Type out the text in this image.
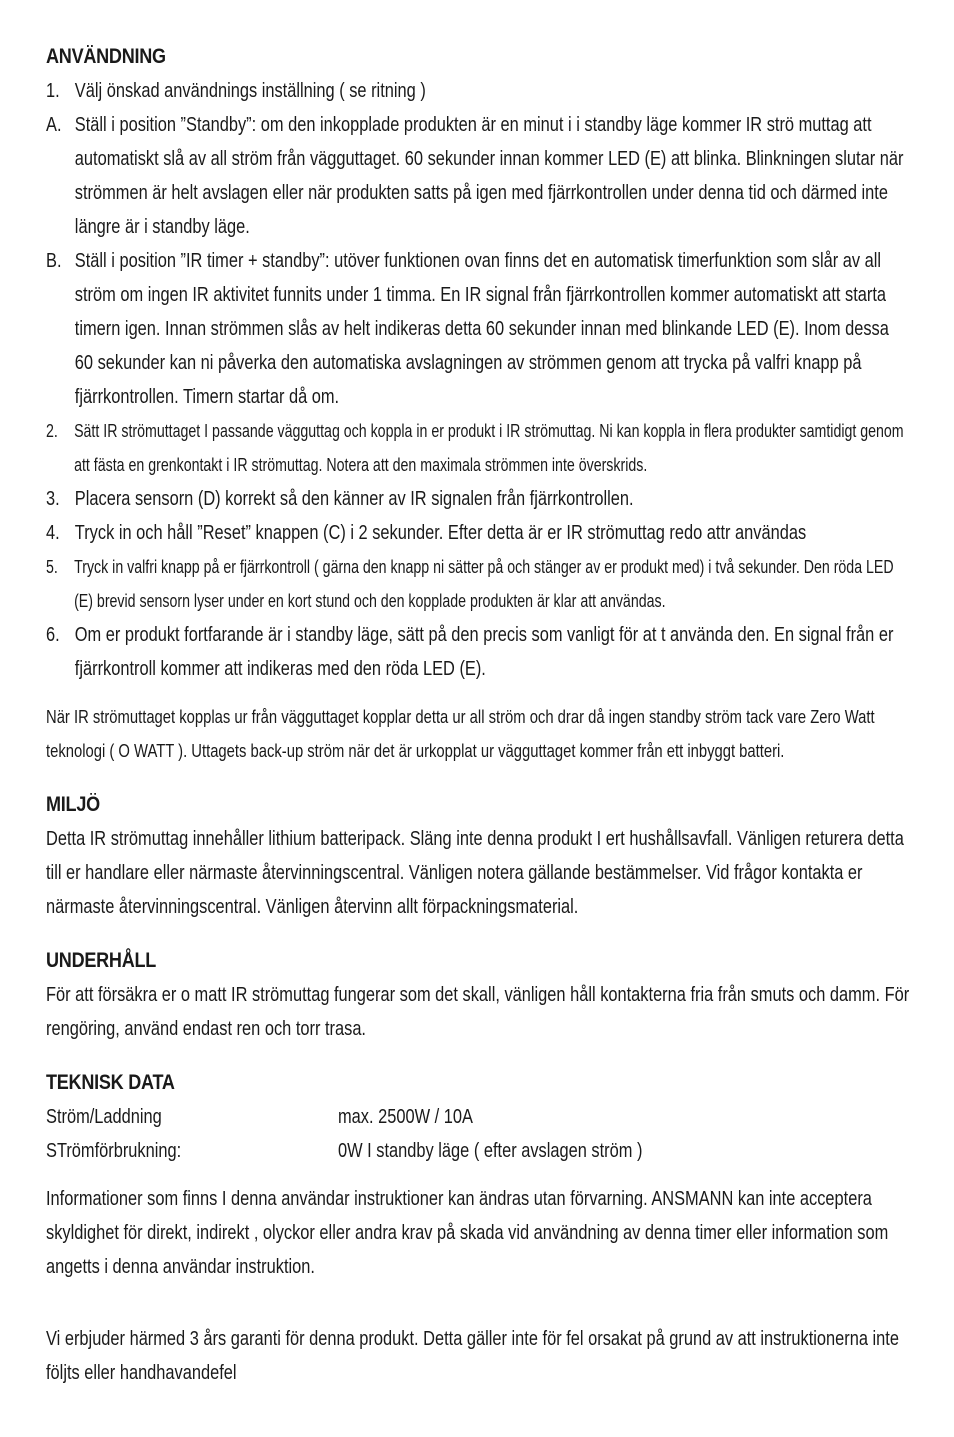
ANVÄNDNING
1. Välj önskad användnings inställning ( se ritning )
A. Ställ i position ”Standby”: om den inkopplade produkten är en minut i i standby läge kommer IR strö muttag att automatiskt slå av all ström från vägguttaget. 60 sekunder innan kommer LED (E) att blinka. Blinkningen slutar när strömmen är helt avslagen eller när produkten satts på igen med fjärrkontrollen under denna tid och därmed inte längre är i standby läge.
B. Ställ i position ”IR timer + standby”: utöver funktionen ovan finns det en automatisk timerfunktion som slår av all ström om ingen IR aktivitet funnits under 1 timma. En IR signal från fjärrkontrollen kommer automatiskt att starta timern igen. Innan strömmen slås av helt indikeras detta 60 sekunder innan med blinkande LED (E). Inom dessa 60 sekunder kan ni påverka den automatiska avslagningen av strömmen genom att trycka på valfri knapp på fjärrkontrollen. Timern startar då om.
2. Sätt IR strömuttaget I passande vägguttag och koppla in er produkt i IR strömuttag. Ni kan koppla in flera produkter samtidigt genom att fästa en grenkontakt i IR strömuttag. Notera att den maximala strömmen inte överskrids.
3. Placera sensorn (D) korrekt så den känner av IR signalen från fjärrkontrollen.
4. Tryck in och håll ”Reset” knappen (C) i 2 sekunder. Efter detta är er IR strömuttag redo attr användas
5. Tryck in valfri knapp på er fjärrkontroll ( gärna den knapp ni sätter på och stänger av er produkt med) i två sekunder. Den röda LED (E) brevid sensorn lyser under en kort stund och den kopplade produkten är klar att användas.
6. Om er produkt fortfarande är i standby läge, sätt på den precis som vanligt för at t använda den. En signal från er fjärrkontroll kommer att indikeras med den röda LED (E).
När IR strömuttaget kopplas ur från vägguttaget kopplar detta ur all ström och drar då ingen standby ström tack vare Zero Watt teknologi ( O WATT ). Uttagets back-up ström när det är urkopplat ur vägguttaget kommer från ett inbyggt batteri.
MILJÖ
Detta IR strömuttag innehåller lithium batteripack. Släng inte denna produkt I ert hushållsavfall. Vänligen returera detta till er handlare eller närmaste återvinningscentral. Vänligen notera gällande bestämmelser. Vid frågor kontakta er närmaste återvinningscentral. Vänligen återvinn allt förpackningsmaterial.
UNDERHÅLL
För att försäkra er o matt IR strömuttag fungerar som det skall, vänligen håll kontakterna fria från smuts och damm. För rengöring, använd endast ren och torr trasa.
TEKNISK DATA
Ström/Laddning	max. 2500W / 10A
STrömförbrukning:	0W I standby läge ( efter avslagen ström )
Informationer som finns I denna användar instruktioner kan ändras utan förvarning. ANSMANN kan inte acceptera skyldighet för direkt, indirekt , olyckor eller andra krav på skada vid användning av denna timer eller information som angetts i denna användar instruktion.
Vi erbjuder härmed 3 års garanti för denna produkt. Detta gäller inte för fel orsakat på grund av att instruktionerna inte följts eller handhavandefel
